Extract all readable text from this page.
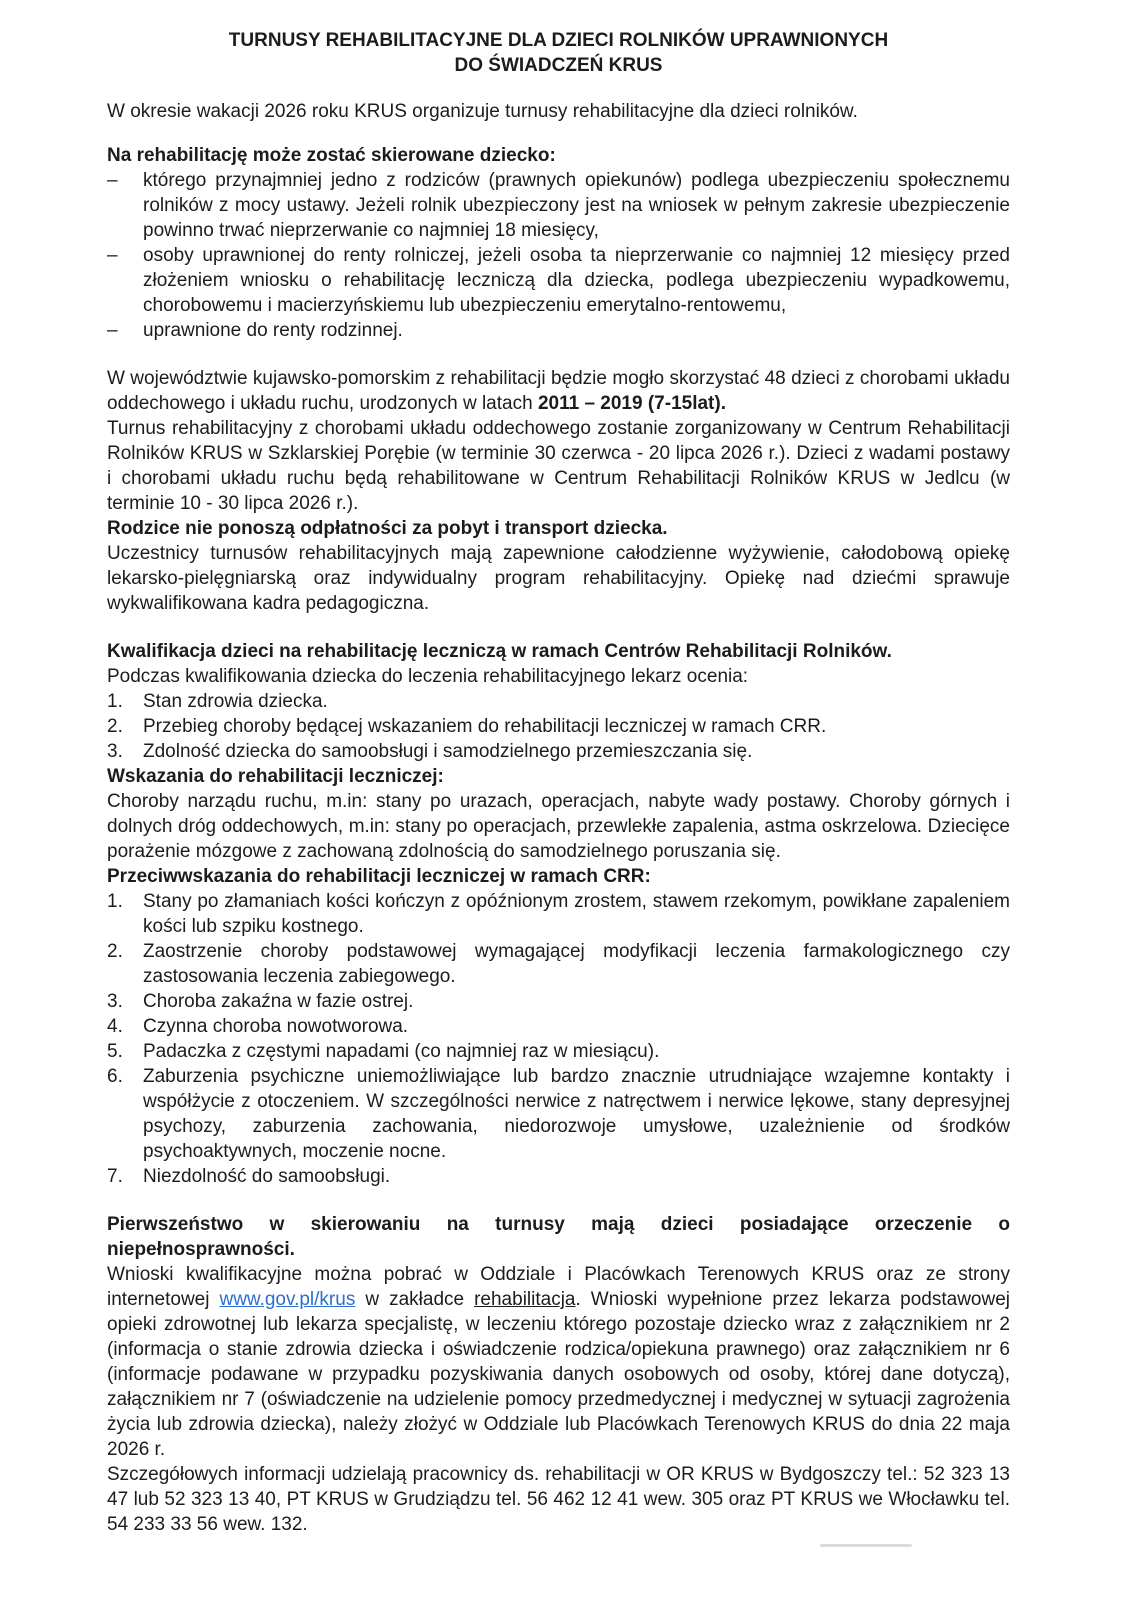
TURNUSY REHABILITACYJNE DLA DZIECI ROLNIKÓW UPRAWNIONYCH
DO ŚWIADCZEŃ KRUS

W okresie wakacji 2026 roku KRUS organizuje turnusy rehabilitacyjne dla dzieci rolników.

Na rehabilitację może zostać skierowane dziecko:

–	którego przynajmniej jedno z rodziców (prawnych opiekunów) podlega ubezpieczeniu społecznemu rolników z mocy ustawy. Jeżeli rolnik ubezpieczony jest na wniosek w pełnym zakresie ubezpieczenie powinno trwać nieprzerwanie co najmniej 18 miesięcy,
–	osoby uprawnionej do renty rolniczej, jeżeli osoba ta nieprzerwanie co najmniej 12 miesięcy przed złożeniem wniosku o rehabilitację leczniczą dla dziecka, podlega ubezpieczeniu wypadkowemu, chorobowemu i macierzyńskiemu lub ubezpieczeniu emerytalno-rentowemu,
–	uprawnione do renty rodzinnej.

W województwie kujawsko-pomorskim z rehabilitacji będzie mogło skorzystać 48 dzieci z chorobami układu oddechowego i układu ruchu, urodzonych w latach 2011 – 2019 (7-15lat).

Turnus rehabilitacyjny z chorobami układu oddechowego zostanie zorganizowany w Centrum Rehabilitacji Rolników KRUS w Szklarskiej Porębie (w terminie 30 czerwca - 20 lipca 2026 r.). Dzieci z wadami postawy i chorobami układu ruchu będą rehabilitowane w Centrum Rehabilitacji Rolników KRUS w Jedlcu (w terminie 10 - 30 lipca 2026 r.).

Rodzice nie ponoszą odpłatności za pobyt i transport dziecka.

Uczestnicy turnusów rehabilitacyjnych mają zapewnione całodzienne wyżywienie, całodobową opiekę lekarsko-pielęgniarską oraz indywidualny program rehabilitacyjny. Opiekę nad dziećmi sprawuje wykwalifikowana kadra pedagogiczna.

Kwalifikacja dzieci na rehabilitację leczniczą w ramach Centrów Rehabilitacji Rolników.

Podczas kwalifikowania dziecka do leczenia rehabilitacyjnego lekarz ocenia:

1.	Stan zdrowia dziecka.
2.	Przebieg choroby będącej wskazaniem do rehabilitacji leczniczej w ramach CRR.
3.	Zdolność dziecka do samoobsługi i samodzielnego przemieszczania się.

Wskazania do rehabilitacji leczniczej:

Choroby narządu ruchu, m.in: stany po urazach, operacjach, nabyte wady postawy. Choroby górnych i dolnych dróg oddechowych, m.in: stany po operacjach, przewlekłe zapalenia, astma oskrzelowa. Dziecięce porażenie mózgowe z zachowaną zdolnością do samodzielnego poruszania się.

Przeciwwskazania do rehabilitacji leczniczej w ramach CRR:

1.	Stany po złamaniach kości kończyn z opóźnionym zrostem, stawem rzekomym, powikłane zapaleniem kości lub szpiku kostnego.
2.	Zaostrzenie choroby podstawowej wymagającej modyfikacji leczenia farmakologicznego czy zastosowania leczenia zabiegowego.
3.	Choroba zakaźna w fazie ostrej.
4.	Czynna choroba nowotworowa.
5.	Padaczka z częstymi napadami (co najmniej raz w miesiącu).
6.	Zaburzenia psychiczne uniemożliwiające lub bardzo znacznie utrudniające wzajemne kontakty i współżycie z otoczeniem. W szczególności nerwice z natręctwem i nerwice lękowe, stany depresyjnej psychozy, zaburzenia zachowania, niedorozwoje umysłowe, uzależnienie od środków psychoaktywnych, moczenie nocne.
7.	Niezdolność do samoobsługi.

Pierwszeństwo w skierowaniu na turnusy mają dzieci posiadające orzeczenie o niepełnosprawności.

Wnioski kwalifikacyjne można pobrać w Oddziale i Placówkach Terenowych KRUS oraz ze strony internetowej www.gov.pl/krus w zakładce rehabilitacja. Wnioski wypełnione przez lekarza podstawowej opieki zdrowotnej lub lekarza specjalistę, w leczeniu którego pozostaje dziecko wraz z załącznikiem nr 2 (informacja o stanie zdrowia dziecka i oświadczenie rodzica/opiekuna prawnego) oraz załącznikiem nr 6 (informacje podawane w przypadku pozyskiwania danych osobowych od osoby, której dane dotyczą), załącznikiem nr 7 (oświadczenie na udzielenie pomocy przedmedycznej i medycznej w sytuacji zagrożenia życia lub zdrowia dziecka), należy złożyć w Oddziale lub Placówkach Terenowych KRUS do dnia 22 maja 2026 r.

Szczegółowych informacji udzielają pracownicy ds. rehabilitacji w OR KRUS w Bydgoszczy tel.: 52 323 13 47 lub 52 323 13 40, PT KRUS w Grudziądzu tel. 56 462 12 41 wew. 305 oraz PT KRUS we Włocławku tel. 54 233 33 56 wew. 132.
